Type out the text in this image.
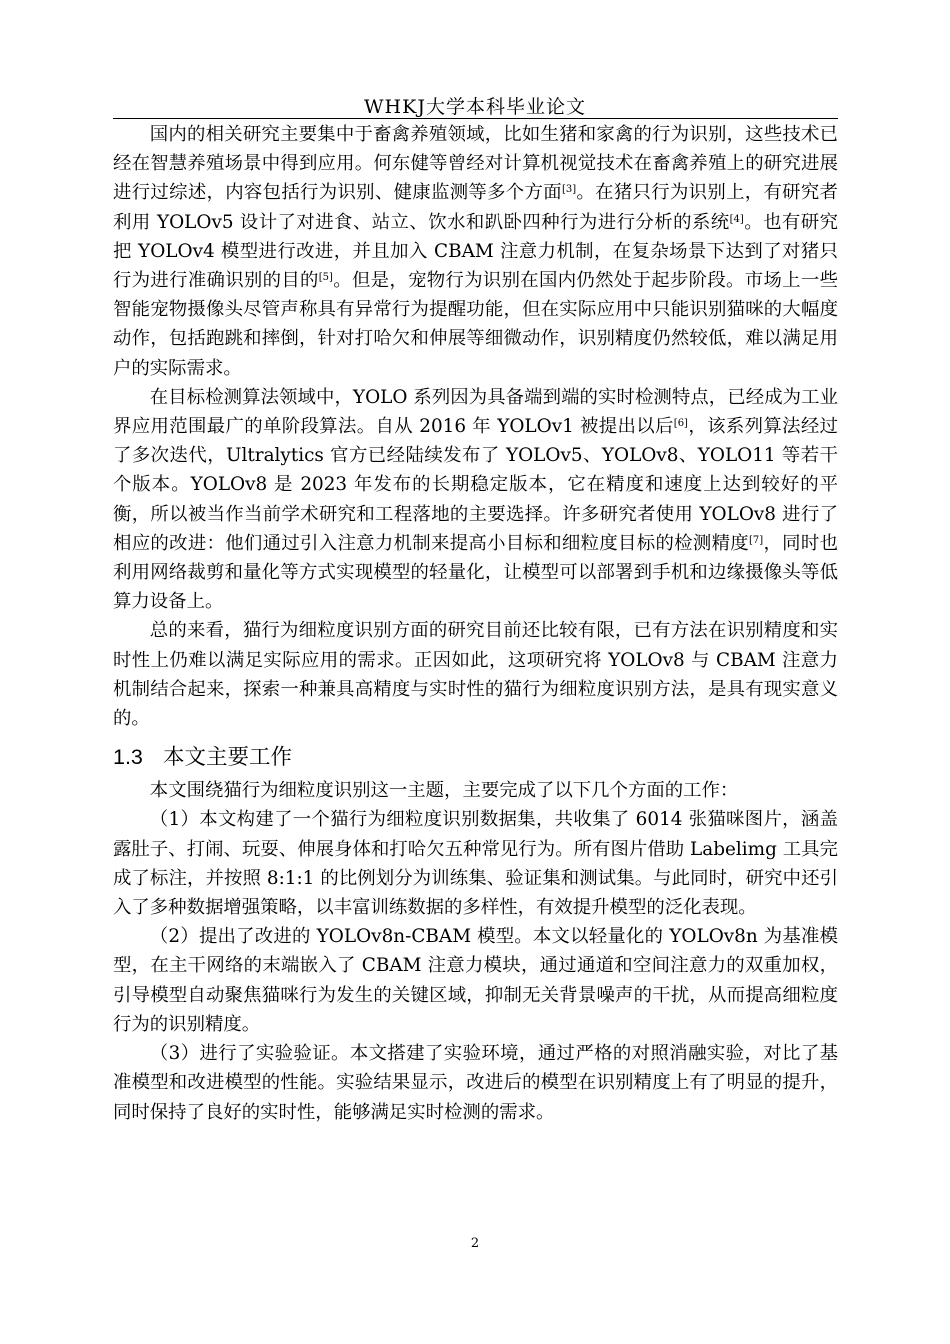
WHKJ大学本科毕业论文

国内的相关研究主要集中于畜禽养殖领域，比如生猪和家禽的行为识别，这些技术已经在智慧养殖场景中得到应用。何东健等曾经对计算机视觉技术在畜禽养殖上的研究进展进行过综述，内容包括行为识别、健康监测等多个方面[3]。在猪只行为识别上，有研究者利用 YOLOv5 设计了对进食、站立、饮水和趴卧四种行为进行分析的系统[4]。也有研究把 YOLOv4 模型进行改进，并且加入 CBAM 注意力机制，在复杂场景下达到了对猪只行为进行准确识别的目的[5]。但是，宠物行为识别在国内仍然处于起步阶段。市场上一些智能宠物摄像头尽管声称具有异常行为提醒功能，但在实际应用中只能识别猫咪的大幅度动作，包括跑跳和摔倒，针对打哈欠和伸展等细微动作，识别精度仍然较低，难以满足用户的实际需求。

在目标检测算法领域中，YOLO 系列因为具备端到端的实时检测特点，已经成为工业界应用范围最广的单阶段算法。自从 2016 年 YOLOv1 被提出以后[6]，该系列算法经过了多次迭代，Ultralytics 官方已经陆续发布了 YOLOv5、YOLOv8、YOLO11 等若干个版本。YOLOv8 是 2023 年发布的长期稳定版本，它在精度和速度上达到较好的平衡，所以被当作当前学术研究和工程落地的主要选择。许多研究者使用 YOLOv8 进行了相应的改进：他们通过引入注意力机制来提高小目标和细粒度目标的检测精度[7]，同时也利用网络裁剪和量化等方式实现模型的轻量化，让模型可以部署到手机和边缘摄像头等低算力设备上。

总的来看，猫行为细粒度识别方面的研究目前还比较有限，已有方法在识别精度和实时性上仍难以满足实际应用的需求。正因如此，这项研究将 YOLOv8 与 CBAM 注意力机制结合起来，探索一种兼具高精度与实时性的猫行为细粒度识别方法，是具有现实意义的。

1.3 本文主要工作

本文围绕猫行为细粒度识别这一主题，主要完成了以下几个方面的工作：

（1）本文构建了一个猫行为细粒度识别数据集，共收集了 6014 张猫咪图片，涵盖露肚子、打闹、玩耍、伸展身体和打哈欠五种常见行为。所有图片借助 Labelimg 工具完成了标注，并按照 8:1:1 的比例划分为训练集、验证集和测试集。与此同时，研究中还引入了多种数据增强策略，以丰富训练数据的多样性，有效提升模型的泛化表现。

（2）提出了改进的 YOLOv8n-CBAM 模型。本文以轻量化的 YOLOv8n 为基准模型，在主干网络的末端嵌入了 CBAM 注意力模块，通过通道和空间注意力的双重加权，引导模型自动聚焦猫咪行为发生的关键区域，抑制无关背景噪声的干扰，从而提高细粒度行为的识别精度。

（3）进行了实验验证。本文搭建了实验环境，通过严格的对照消融实验，对比了基准模型和改进模型的性能。实验结果显示，改进后的模型在识别精度上有了明显的提升，同时保持了良好的实时性，能够满足实时检测的需求。

2
